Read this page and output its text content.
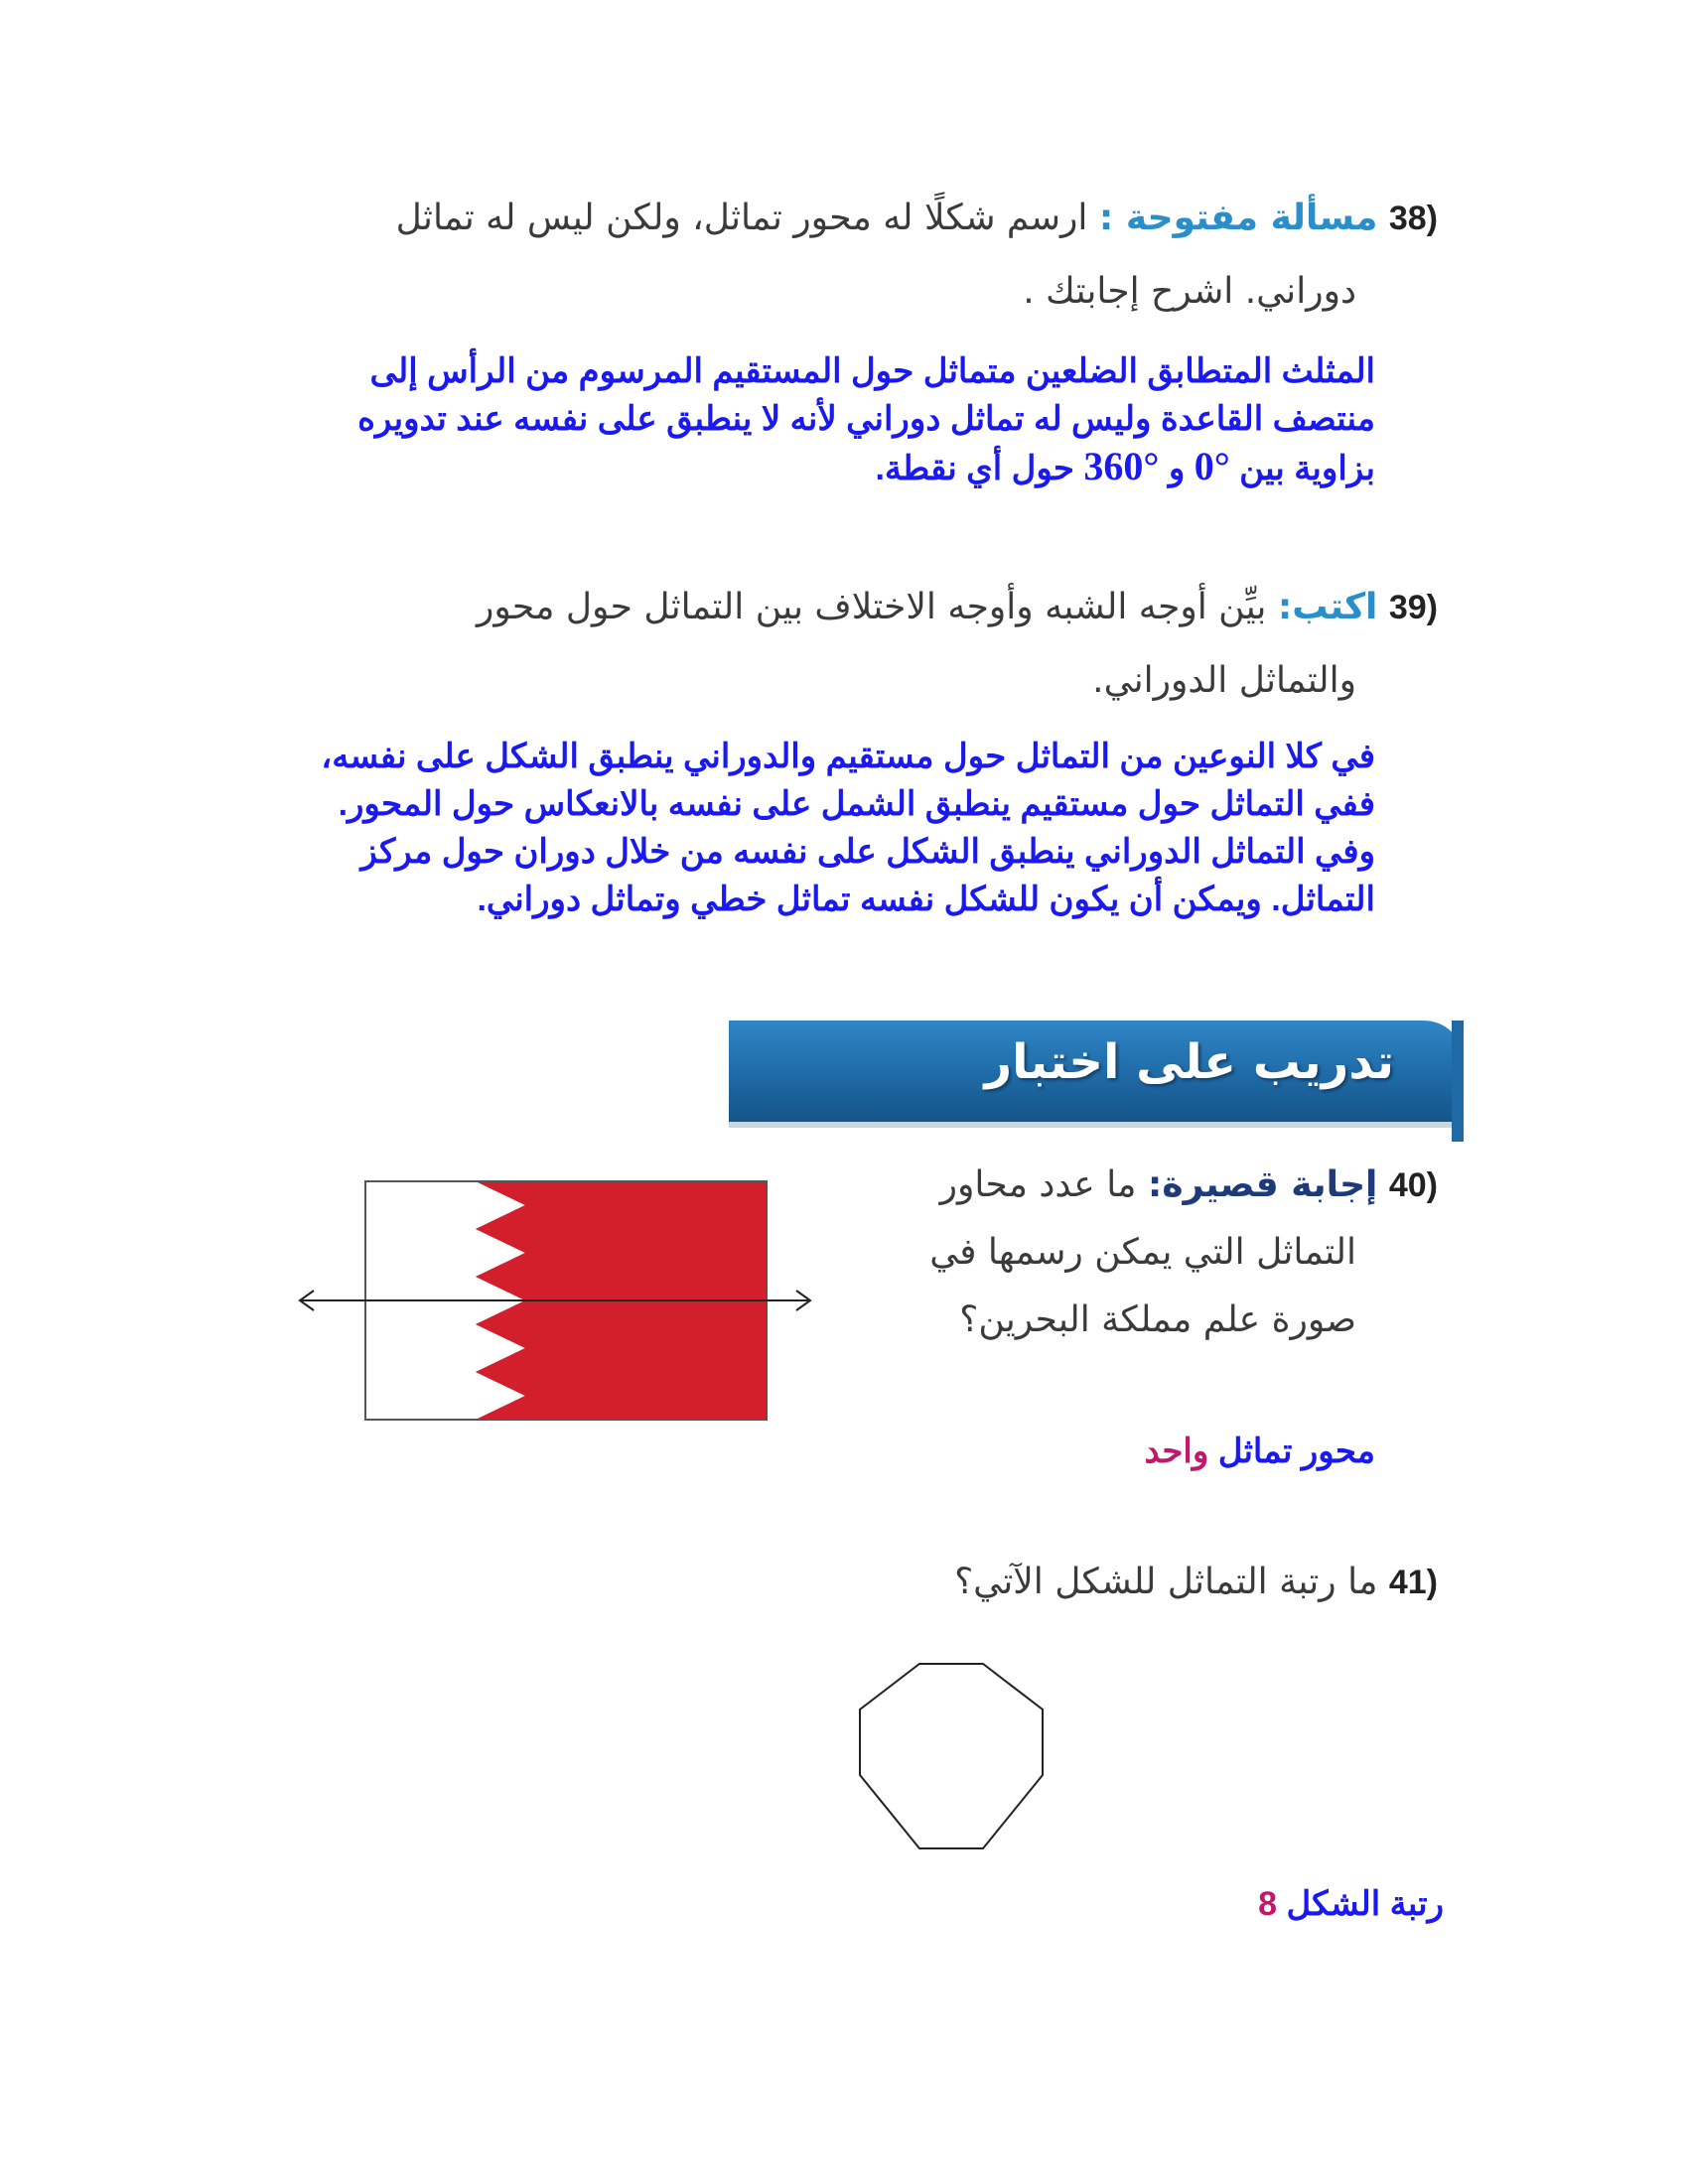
(38 مسألة مفتوحة : ارسم شكلًا له محور تماثل، ولكن ليس له تماثل
دوراني. اشرح إجابتك .
المثلث المتطابق الضلعين متماثل حول المستقيم المرسوم من الرأس إلى
منتصف القاعدة وليس له تماثل دوراني لأنه لا ينطبق على نفسه عند تدويره
بزاوية بين 0° و 360° حول أي نقطة.
(39 اكتب: بيِّن أوجه الشبه وأوجه الاختلاف بين التماثل حول محور
والتماثل الدوراني.
في كلا النوعين من التماثل حول مستقيم والدوراني ينطبق الشكل على نفسه،
ففي التماثل حول مستقيم ينطبق الشمل على نفسه بالانعكاس حول المحور.
وفي التماثل الدوراني ينطبق الشكل على نفسه من خلال دوران حول مركز
التماثل. ويمكن أن يكون للشكل نفسه تماثل خطي وتماثل دوراني.
تدريب على اختبار
(40 إجابة قصيرة: ما عدد محاور
التماثل التي يمكن رسمها في
صورة علم مملكة البحرين؟
محور تماثل واحد
(41 ما رتبة التماثل للشكل الآتي؟
رتبة الشكل 8
